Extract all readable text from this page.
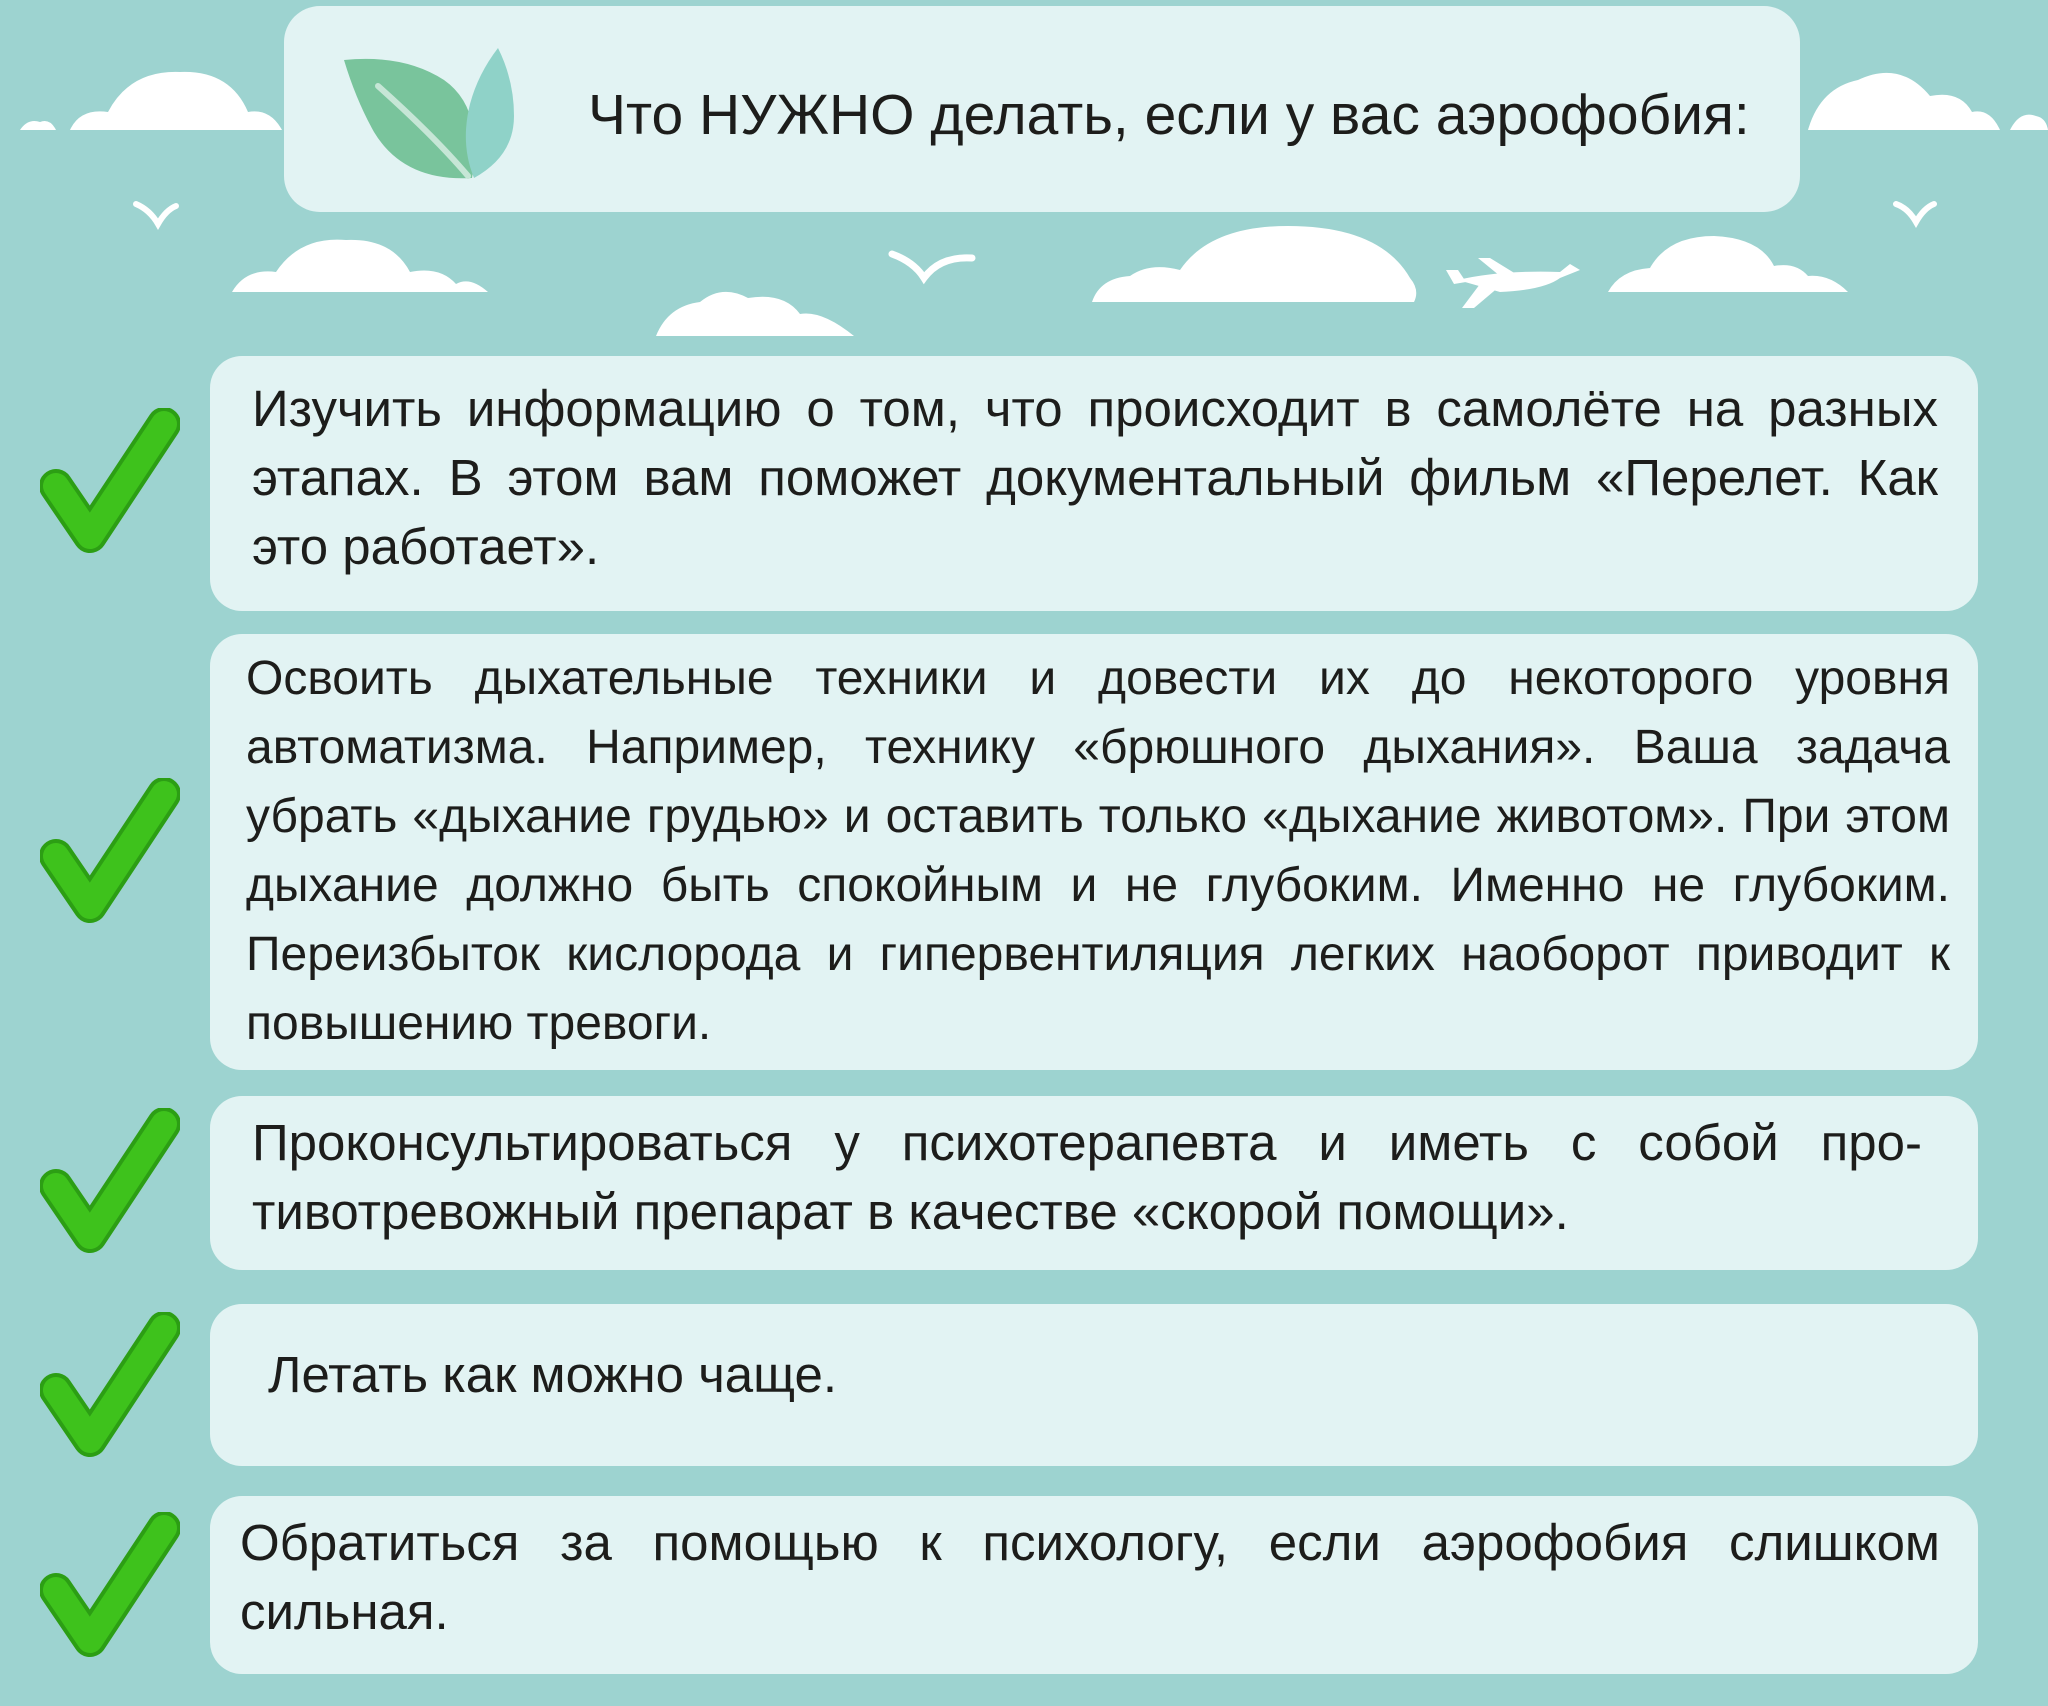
Что НУЖНО делать, если у вас аэрофобия:
Изучить информацию о том, что происходит в самолёте на разных этапах. В этом вам поможет документальный фильм «Перелет. Как это работает».
Освоить дыхательные техники и довести их до некоторого уровня автоматизма. Например, технику «брюшного дыхания». Ваша задача убрать «дыхание грудью» и оставить только «дыхание животом». При этом дыхание должно быть спокойным и не глубоким. Именно не глубоким. Переизбыток кислорода и гипервентиляция легких наоборот приводит к повышению тревоги.
Проконсультироваться у психотерапевта и иметь с собой противотревожный препарат в качестве «скорой помощи».
Летать как можно чаще.
Обратиться за помощью к психологу, если аэрофобия слишком сильная.
